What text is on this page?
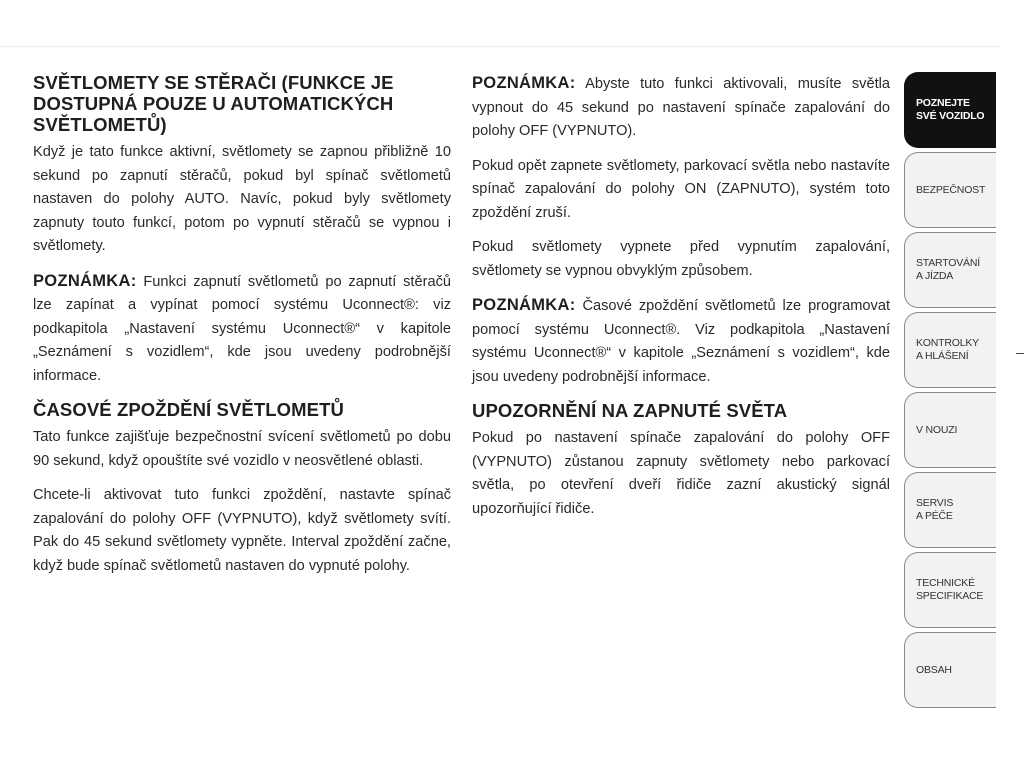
SVĚTLOMETY SE STĚRAČI (FUNKCE JE DOSTUPNÁ POUZE U AUTOMATICKÝCH SVĚTLOMETŮ)

Když je tato funkce aktivní, světlomety se zapnou přibližně 10 sekund po zapnutí stěračů, pokud byl spínač světlometů nastaven do polohy AUTO. Navíc, pokud byly světlomety zapnuty touto funkcí, potom po vypnutí stěračů se vypnou i světlomety.

POZNÁMKA: Funkci zapnutí světlometů po zapnutí stěračů lze zapínat a vypínat pomocí systému Uconnect®: viz podkapitola „Nastavení systému Uconnect®“ v kapitole „Seznámení s vozidlem“, kde jsou uvedeny podrobnější informace.

ČASOVÉ ZPOŽDĚNÍ SVĚTLOMETŮ

Tato funkce zajišťuje bezpečnostní svícení světlometů po dobu 90 sekund, když opouštíte své vozidlo v neosvětlené oblasti.

Chcete-li aktivovat tuto funkci zpoždění, nastavte spínač zapalování do polohy OFF (VYPNUTO), když světlomety svítí. Pak do 45 sekund světlomety vypněte. Interval zpoždění začne, když bude spínač světlometů nastaven do vypnuté polohy.

POZNÁMKA: Abyste tuto funkci aktivovali, musíte světla vypnout do 45 sekund po nastavení spínače zapalování do polohy OFF (VYPNUTO).

Pokud opět zapnete světlomety, parkovací světla nebo nastavíte spínač zapalování do polohy ON (ZAPNUTO), systém toto zpoždění zruší.

Pokud světlomety vypnete před vypnutím zapalování, světlomety se vypnou obvyklým způsobem.

POZNÁMKA: Časové zpoždění světlometů lze programovat pomocí systému Uconnect®. Viz podkapitola „Nastavení systému Uconnect®“ v kapitole „Seznámení s vozidlem“, kde jsou uvedeny podrobnější informace.

UPOZORNĚNÍ NA ZAPNUTÉ SVĚTA

Pokud po nastavení spínače zapalování do polohy OFF (VYPNUTO) zůstanou zapnuty světlomety nebo parkovací světla, po otevření dveří řidiče zazní akustický signál upozorňující řidiče.

POZNEJTE
SVÉ VOZIDLO
BEZPEČNOST
STARTOVÁNÍ
A JÍZDA
KONTROLKY
A HLÁŠENÍ
V NOUZI
SERVIS
A PÉČE
TECHNICKÉ
SPECIFIKACE
OBSAH
